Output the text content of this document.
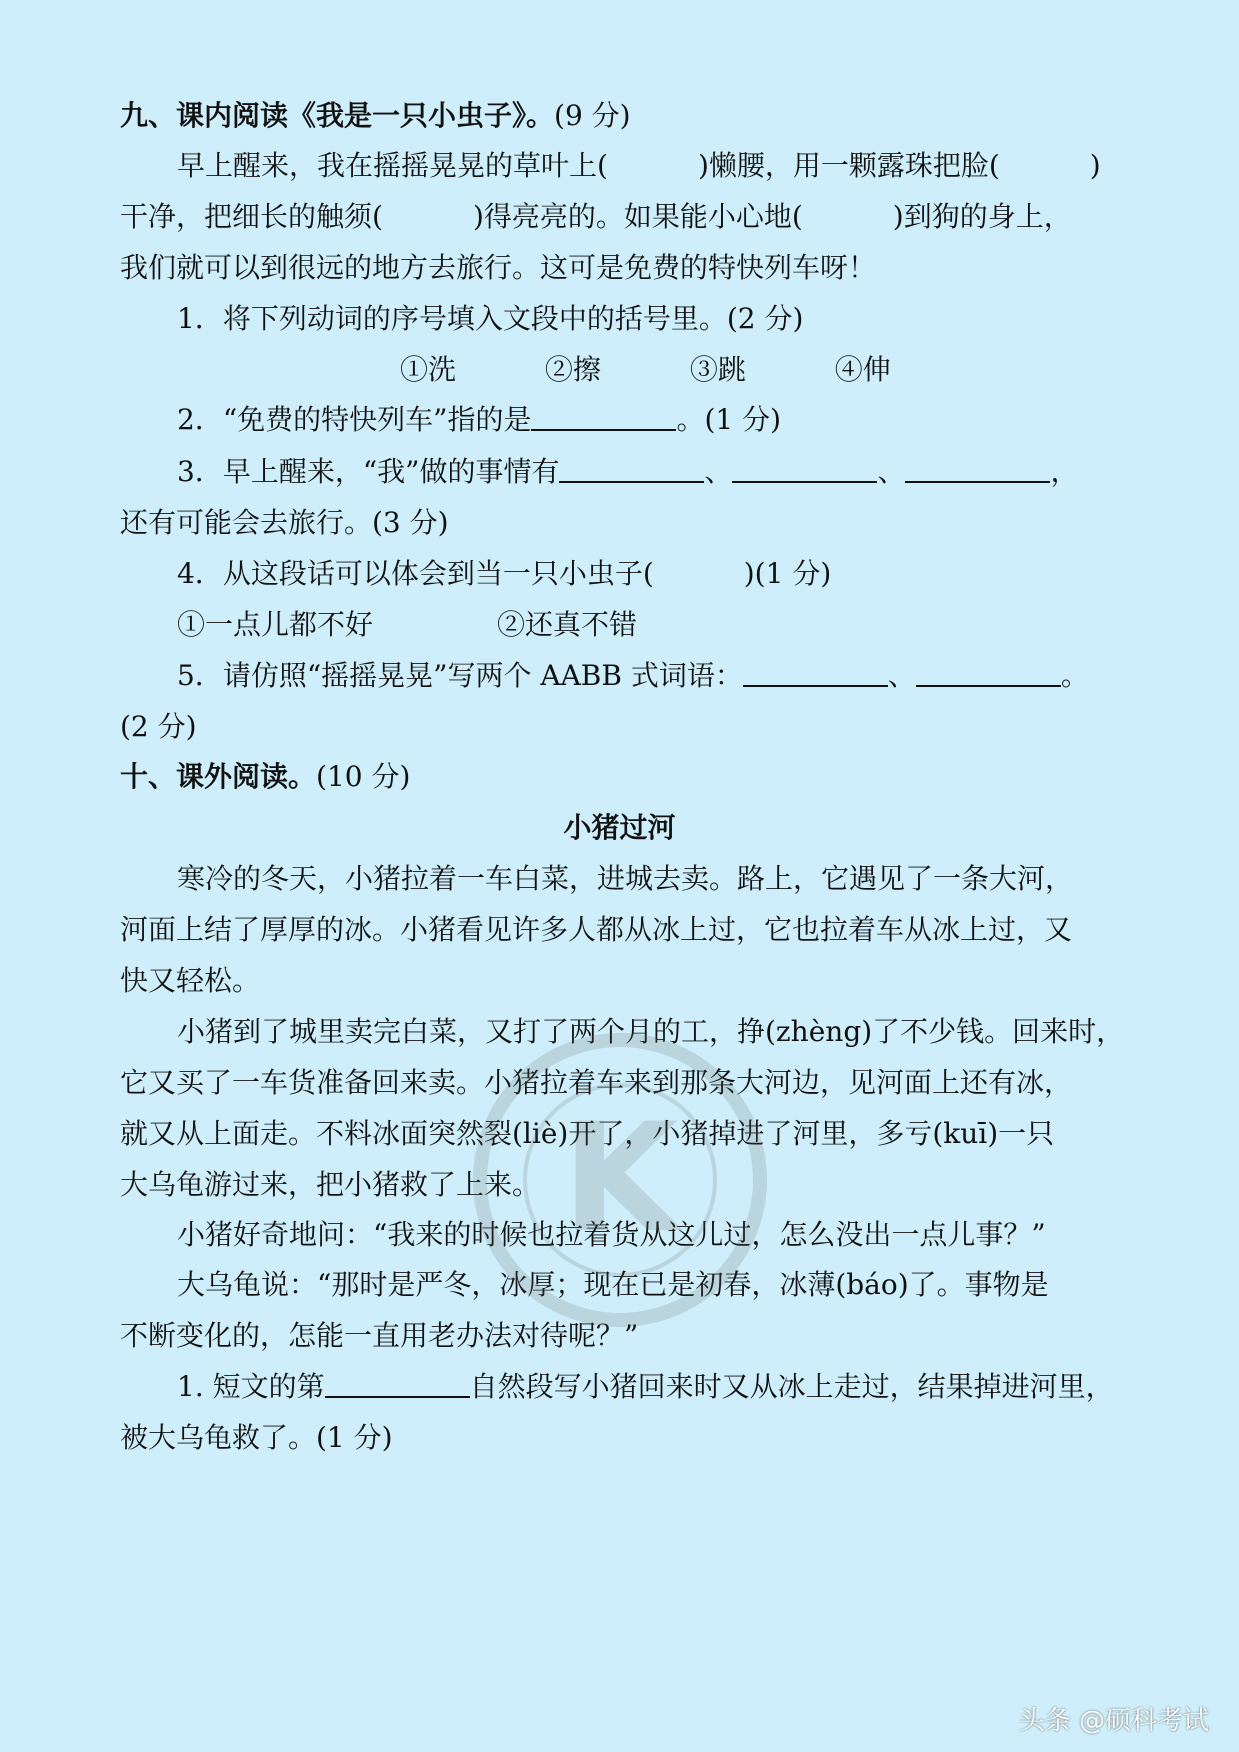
九、课内阅读《我是一只小虫子》。(9 分)
早上醒来，我在摇摇晃晃的草叶上(	)懒腰，用一颗露珠把脸(	)
干净，把细长的触须(	)得亮亮的。如果能小心地(	)到狗的身上，
我们就可以到很远的地方去旅行。这可是免费的特快列车呀！
1．将下列动词的序号填入文段中的括号里。(2 分)
①洗	②擦	③跳	④伸
2．“免费的特快列车”指的是	。(1 分)
3．早上醒来，“我”做的事情有	、	、	，
还有可能会去旅行。(3 分)
4．从这段话可以体会到当一只小虫子(	)(1 分)
①一点儿都不好	②还真不错
5．请仿照“摇摇晃晃”写两个 AABB 式词语：	、	。
(2 分)
十、课外阅读。(10 分)
小猪过河
寒冷的冬天，小猪拉着一车白菜，进城去卖。路上，它遇见了一条大河，
河面上结了厚厚的冰。小猪看见许多人都从冰上过，它也拉着车从冰上过，又
快又轻松。
小猪到了城里卖完白菜，又打了两个月的工，挣(zhèng)了不少钱。回来时，
它又买了一车货准备回来卖。小猪拉着车来到那条大河边，见河面上还有冰，
就又从上面走。不料冰面突然裂(liè)开了，小猪掉进了河里，多亏(kuī)一只
大乌龟游过来，把小猪救了上来。
小猪好奇地问：“我来的时候也拉着货从这儿过，怎么没出一点儿事？”
大乌龟说：“那时是严冬，冰厚；现在已是初春，冰薄(báo)了。事物是
不断变化的，怎能一直用老办法对待呢？”
1. 短文的第	自然段写小猪回来时又从冰上走过，结果掉进河里，
被大乌龟救了。(1 分)
K
头条 @硕科考试
